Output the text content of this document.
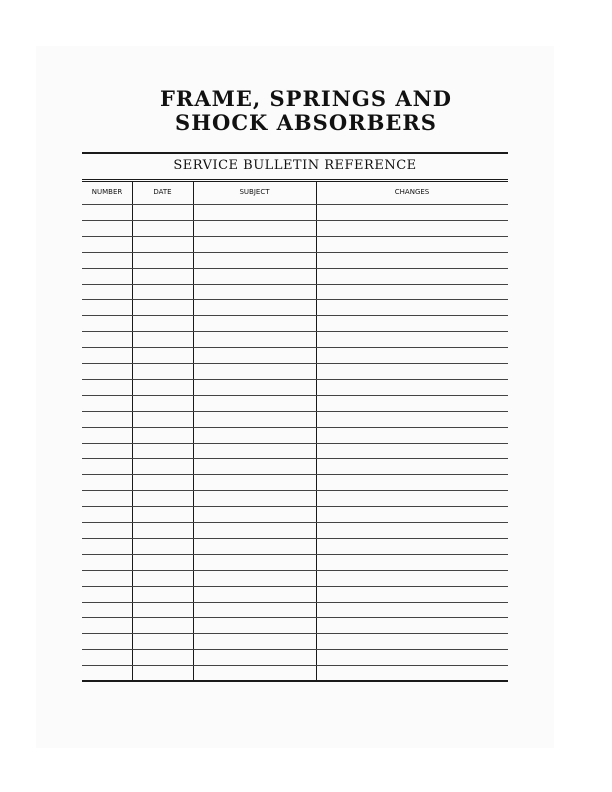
FRAME, SPRINGS AND
SHOCK ABSORBERS
SERVICE BULLETIN REFERENCE
NUMBER	DATE	SUBJECT	CHANGES
